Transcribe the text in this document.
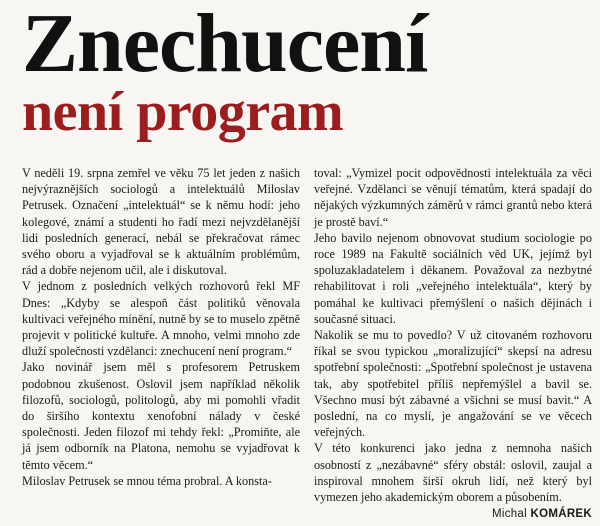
Znechucení
není program

V neděli 19. srpna zemřel ve věku 75 let jeden z našich nejvýraznějších sociologů a intelektuálů Miloslav Petrusek. Označení „intelektuál“ se k němu hodí: jeho kolegové, známí a studenti ho řadí mezi nejvzdělanější lidi posledních generací, nebál se překračovat rámec svého oboru a vyjadřoval se k aktuálním problémům, rád a dobře nejenom učil, ale i diskutoval.

V jednom z posledních velkých rozhovorů řekl MF Dnes: „Kdyby se alespoň část politiků věnovala kultivaci veřejného mínění, nutně by se to muselo zpětně projevit v politické kultuře. A mnoho, velmi mnoho zde dluží společnosti vzdělanci: znechucení není program.“

Jako novinář jsem měl s profesorem Petruskem podobnou zkušenost. Oslovil jsem například několik filozofů, sociologů, politologů, aby mi pomohli vřadit do širšího kontextu xenofobní nálady v české společnosti. Jeden filozof mi tehdy řekl: „Promiňte, ale já jsem odborník na Platona, nemohu se vyjadřovat k těmto věcem.“

Miloslav Petrusek se mnou téma probral. A konsta-

toval: „Vymizel pocit odpovědnosti intelektuála za věci veřejné. Vzdělanci se věnují tématům, která spadají do nějakých výzkumných záměrů v rámci grantů nebo která je prostě baví.“

Jeho bavilo nejenom obnovovat studium sociologie po roce 1989 na Fakultě sociálních věd UK, jejímž byl spoluzakladatelem i děkanem. Považoval za nezbytné rehabilitovat i roli „veřejného intelektuála“, který by pomáhal ke kultivaci přemýšlení o našich dějinách i současné situaci.

Nakolik se mu to povedlo? V už citovaném rozhovoru říkal se svou typickou „moralizující“ skepsí na adresu spotřební společnosti: „Spotřební společnost je ustavena tak, aby spotřebitel příliš nepřemýšlel a bavil se. Všechno musí být zábavné a všichni se musí bavit.“ A poslední, na co myslí, je angažování se ve věcech veřejných.

V této konkurenci jako jedna z nemnoha našich osobností z „nezábavné“ sféry obstál: oslovil, zaujal a inspiroval mnohem širší okruh lidí, než který byl vymezen jeho akademickým oborem a působením.

Michal KOMÁREK
